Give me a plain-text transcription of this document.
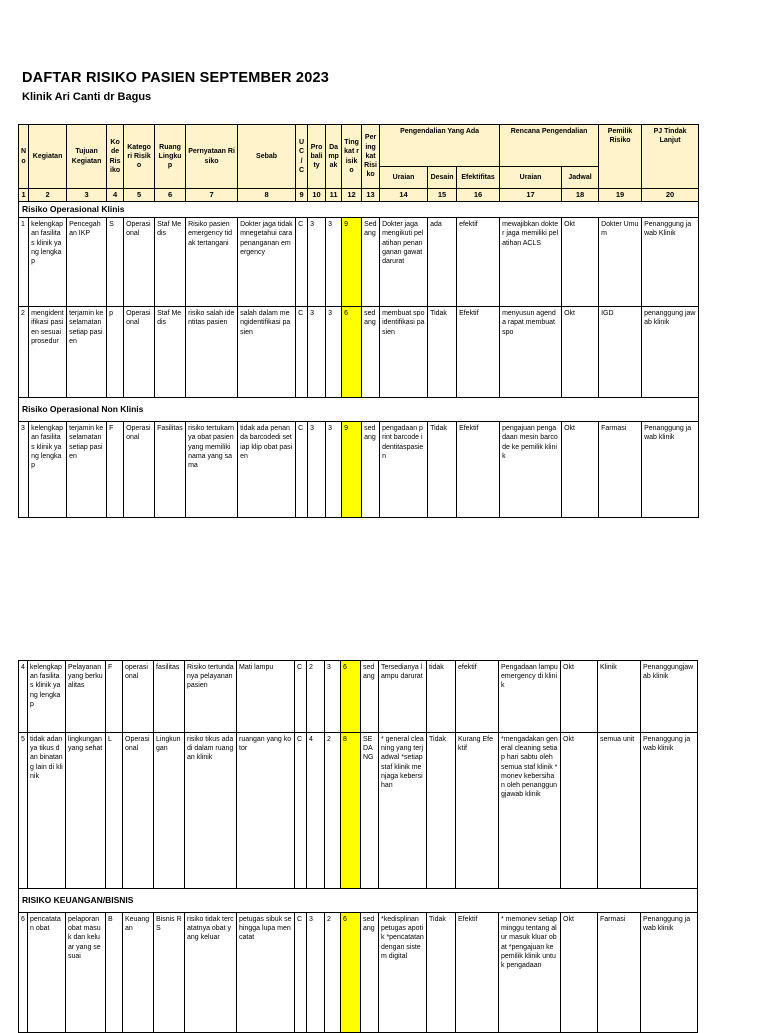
DAFTAR RISIKO PASIEN SEPTEMBER 2023
Klinik Ari Canti dr Bagus
No	Kegiatan	Tujuan Kegiatan	Kode Risiko	Kategori Risiko	Ruang Lingkup	Pernyataan Risiko	Sebab	U C / C	Probality	Dampak	Tingkat risiko	Peringkat Risiko	Pengendalian Yang Ada			Rencana Pengendalian		Pemilik Risiko	PJ Tindak Lanjut
													Uraian	Desain	Efektifitas	Uraian	Jadwal		
1	2	3	4	5	6	7	8	9	10	11	12	13	14	15	16	17	18	19	20
Risiko Operasional Klinis																			
1	kelengkapan fasilitas klinik yang lengkap	Pencegahan IKP	S	Operasional	Staf Medis	Risiko pasien emergency tidak tertangani	Dokter jaga tidak mnegetahui cara penanganan emergency	C	3	3	9	Sedang	Dokter jaga mengikuti pelatihan penanganan gawat darurat	ada	efektif	mewajibkan dokter jaga memiliki pelatihan ACLS	Okt	Dokter Umum	Penanggung jawab Klinik
2	mengidentifikasi pasien sesuai prosedur	terjamin keselamatan setiap pasien	p	Operasional	Staf Medis	risiko salah identitas pasien	salah dalam mengidentifikasi pasien	C	3	3	6	sedang	membuat spo identifikasi pasien	Tidak	Efektif	menyusun agenda rapat membuat spo	Okt	IGD	penanggung jawab klinik
Risiko Operasional Non Klinis																			
3	kelengkapan fasilitas klinik yang lengkap	terjamin keselamatan setiap pasien	F	Operasional	Fasilitas	risiko tertukarnya obat pasien yang memiliki nama yang sama	tidak ada penanda barcodedi setiap klip obat pasien	C	3	3	9	sedang	pengadaan print barcode identitaspasien	Tidak	Efektif	pengajuan pengadaan mesin barcode ke pemilik klinik	Okt	Farmasi	Penanggung jawab klinik
4	kelengkapan fasilitas klinik yang lengkap	Pelayanan yang berkualitas	F	operasional	fasilitas	Risiko tertundanya pelayanan pasien	Mati lampu	C	2	3	6	sedang	Tersedianya lampu darurat	tidak	efektif	Pengadaan lampu emergency di klinik	Okt	Klinik	Penanggungjawab klinik
5	tidak adanya tikus dan binatang lain di klinik	lingkungan yang sehat	L	Operasional	Lingkungan	risiko tikus ada di dalam ruangan klinik	ruangan yang kotor	C	4	2	8	SEDANG	* general cleaning yang terjadwal *setiap staf klinik menjaga kebersihan	Tidak	Kurang Efektif	*mengadakan general cleaning setiap hari sabtu oleh semua staf klinik *monev kebersihan oleh penanggungjawab klinik	Okt	semua unit	Penanggung jawab klinik
RISIKO KEUANGAN/BISNIS																			
6	pencatatan obat	pelaporan obat masuk dan keluar yang sesuai	B	Keuangan	Bisnis RS	risiko tidak tercatatnya obat yang keluar	petugas sibuk sehingga lupa mencatat	C	3	2	6	sedang	*kedisplinan petugas apotik *pencatatan dengan sistem digital	Tidak	Efektif	* memonev setiap minggu tentang alur masuk kluar obat *pengajuan ke pemilik klinik untuk pengadaan	Okt	Farmasi	Penanggung jawab klinik
